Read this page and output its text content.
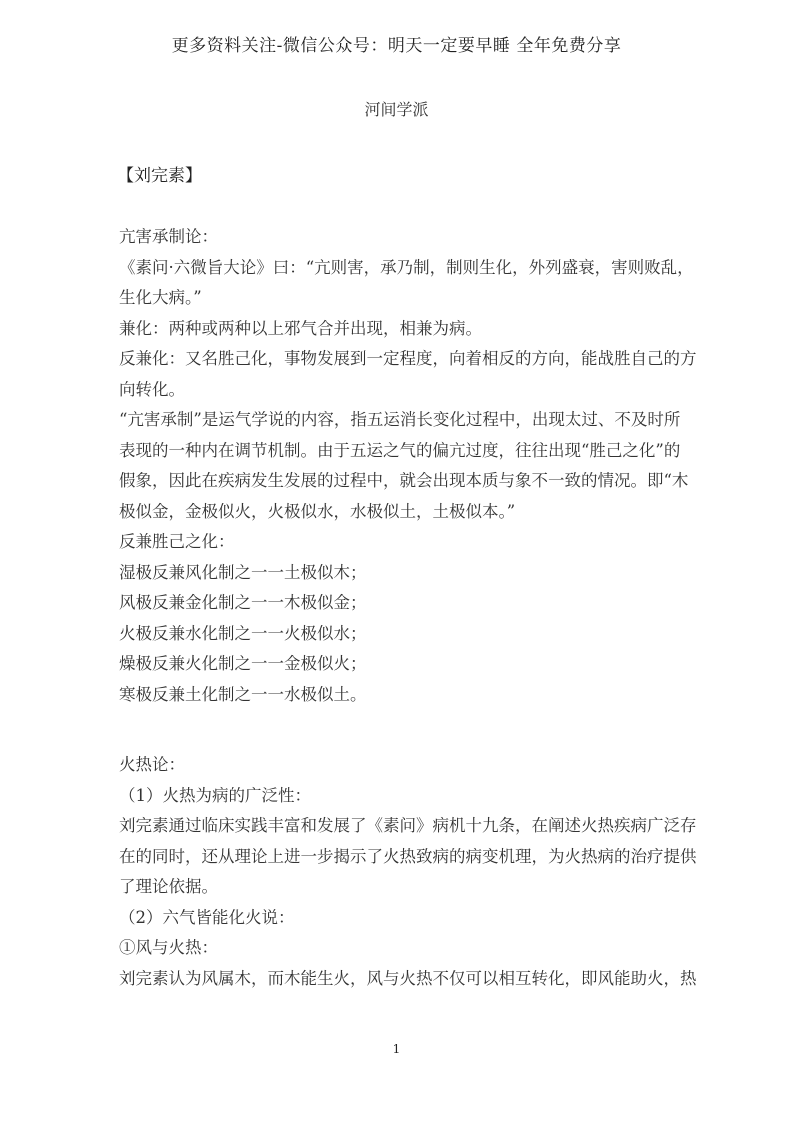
更多资料关注-微信公众号：明天一定要早睡 全年免费分享
河间学派
【刘完素】
亢害承制论：
《素问·六微旨大论》曰：“亢则害，承乃制，制则生化，外列盛衰，害则败乱，
生化大病。”
兼化：两种或两种以上邪气合并出现，相兼为病。
反兼化：又名胜己化，事物发展到一定程度，向着相反的方向，能战胜自己的方
向转化。
“亢害承制”是运气学说的内容，指五运消长变化过程中，出现太过、不及时所
表现的一种内在调节机制。由于五运之气的偏亢过度，往往出现“胜己之化”的
假象，因此在疾病发生发展的过程中，就会出现本质与象不一致的情况。即“木
极似金，金极似火，火极似水，水极似土，土极似本。”
反兼胜己之化：
湿极反兼风化制之一一土极似木；
风极反兼金化制之一一木极似金；
火极反兼水化制之一一火极似水；
燥极反兼火化制之一一金极似火；
寒极反兼土化制之一一水极似土。
火热论：
（1）火热为病的广泛性：
刘完素通过临床实践丰富和发展了《素问》病机十九条，在阐述火热疾病广泛存
在的同时，还从理论上进一步揭示了火热致病的病变机理，为火热病的治疗提供
了理论依据。
（2）六气皆能化火说：
①风与火热：
刘完素认为风属木，而木能生火，风与火热不仅可以相互转化，即风能助火，热
1
